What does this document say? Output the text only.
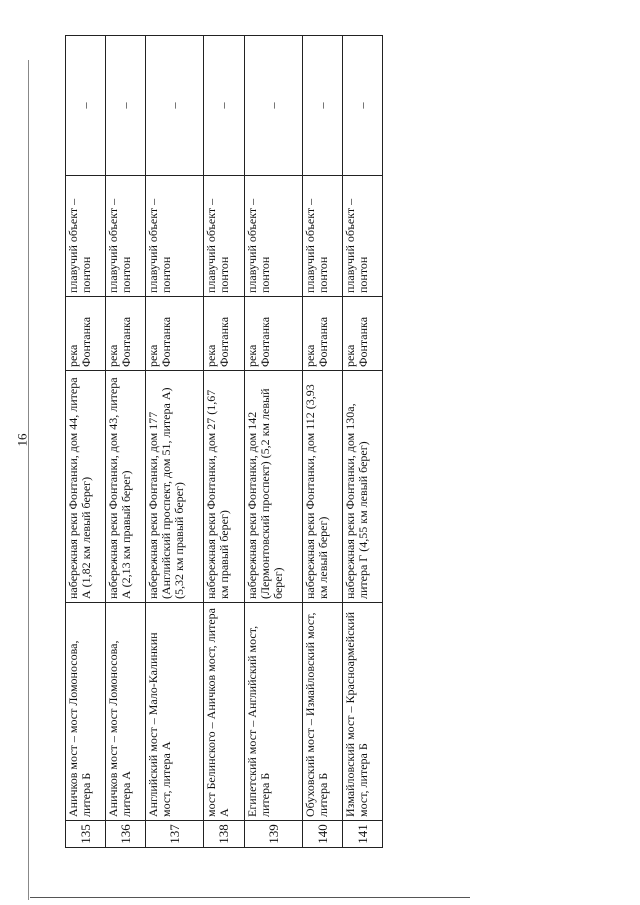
16
135	Аничков мост – мост Ломоносова, литера Б	набережная реки Фонтанки, дом 44, литера А (1,82 км левый берег)	река Фонтанка	плавучий объект – понтон	–
136	Аничков мост – мост Ломоносова, литера А	набережная реки Фонтанки, дом 43, литера А (2,13 км правый берег)	река Фонтанка	плавучий объект – понтон	–
137	Английский мост – Мало-Калинкин мост, литера А	набережная реки Фонтанки, дом 177 (Английский проспект, дом 51, литера А) (5,32 км правый берег)	река Фонтанка	плавучий объект – понтон	–
138	мост Белинского – Аничков мост, литера А	набережная реки Фонтанки, дом 27 (1,67 км правый берег)	река Фонтанка	плавучий объект – понтон	–
139	Египетский мост – Английский мост, литера Б	набережная реки Фонтанки, дом 142 (Лермонтовский проспект) (5,2 км левый берег)	река Фонтанка	плавучий объект – понтон	–
140	Обуховский мост – Измайловский мост, литера Б	набережная реки Фонтанки, дом 112 (3,93 км левый берег)	река Фонтанка	плавучий объект – понтон	–
141	Измайловский мост – Красноармейский мост, литера Б	набережная реки Фонтанки, дом 130а, литера Г (4,55 км левый берег)	река Фонтанка	плавучий объект – понтон	–
